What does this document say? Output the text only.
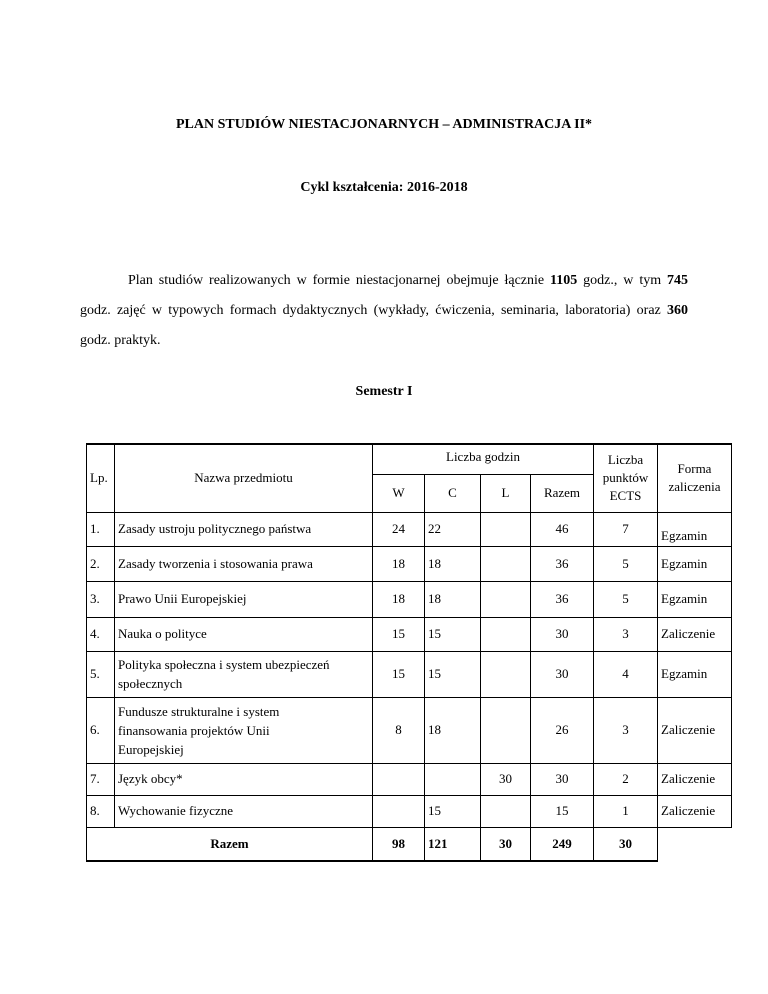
PLAN STUDIÓW NIESTACJONARNYCH – ADMINISTRACJA II*
Cykl kształcenia: 2016-2018
Plan studiów realizowanych w formie niestacjonarnej obejmuje łącznie 1105 godz., w tym 745 godz. zajęć w typowych formach dydaktycznych (wykłady, ćwiczenia, seminaria, laboratoria) oraz 360 godz. praktyk.
Semestr I
Lp.	Nazwa przedmiotu	Liczba godzin				Liczba punktów ECTS	Forma zaliczenia
		W	C	L	Razem		
1.	Zasady ustroju politycznego państwa	24	22		46	7	Egzamin
2.	Zasady tworzenia i stosowania prawa	18	18		36	5	Egzamin
3.	Prawo Unii Europejskiej	18	18		36	5	Egzamin
4.	Nauka o polityce	15	15		30	3	Zaliczenie
5.	Polityka społeczna i system ubezpieczeń społecznych	15	15		30	4	Egzamin
6.	Fundusze strukturalne i system finansowania projektów Unii Europejskiej	8	18		26	3	Zaliczenie
7.	Język obcy*			30	30	2	Zaliczenie
8.	Wychowanie fizyczne		15		15	1	Zaliczenie
Razem		98	121	30	249	30	
